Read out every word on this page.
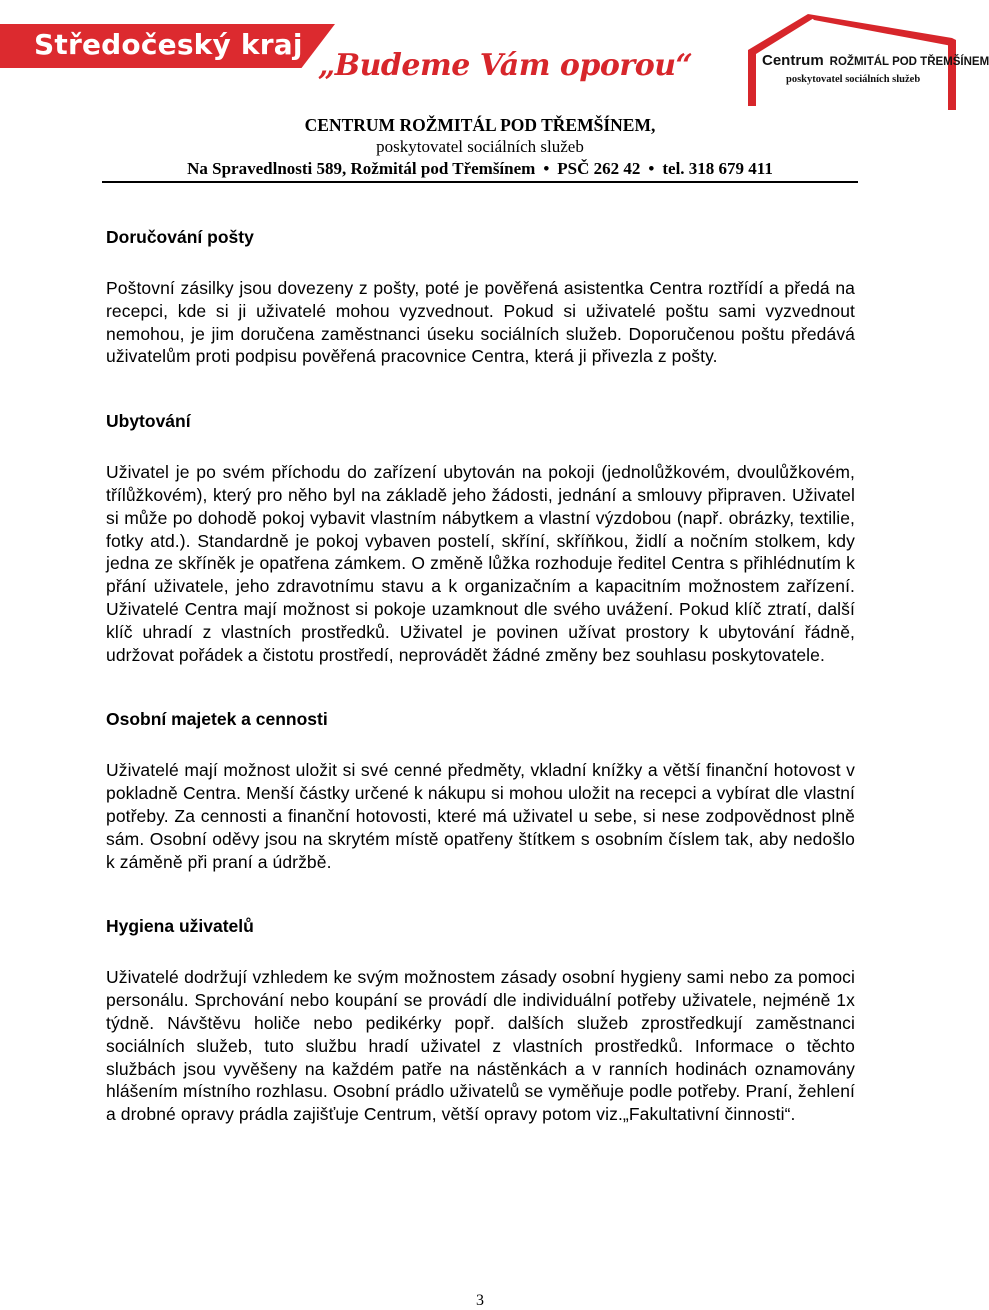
Středočeský kraj
„Budeme Vám oporou“	Centrum ROŽMITÁL POD TŘEMŠÍNEM
poskytovatel sociálních služeb
CENTRUM ROŽMITÁL POD TŘEMŠÍNEM,
poskytovatel sociálních služeb
Na Spravedlnosti 589, Rožmitál pod Třemšínem • PSČ 262 42 • tel. 318 679 411
Doručování pošty

Poštovní zásilky jsou dovezeny z pošty, poté je pověřená asistentka Centra roztřídí a předá na recepci, kde si ji uživatelé mohou vyzvednout. Pokud si uživatelé poštu sami vyzvednout nemohou, je jim doručena zaměstnanci úseku sociálních služeb. Doporučenou poštu předává uživatelům proti podpisu pověřená pracovnice Centra, která ji přivezla z pošty.

Ubytování

Uživatel je po svém příchodu do zařízení ubytován na pokoji (jednolůžkovém, dvoulůžkovém, třílůžkovém), který pro něho byl na základě jeho žádosti, jednání a smlouvy připraven. Uživatel si může po dohodě pokoj vybavit vlastním nábytkem a vlastní výzdobou (např. obrázky, textilie, fotky atd.). Standardně je pokoj vybaven postelí, skříní, skříňkou, židlí a nočním stolkem, kdy jedna ze skříněk je opatřena zámkem. O změně lůžka rozhoduje ředitel Centra s přihlédnutím k přání uživatele, jeho zdravotnímu stavu a k organizačním a kapacitním možnostem zařízení. Uživatelé Centra mají možnost si pokoje uzamknout dle svého uvážení. Pokud klíč ztratí, další klíč uhradí z vlastních prostředků. Uživatel je povinen užívat prostory k ubytování řádně, udržovat pořádek a čistotu prostředí, neprovádět žádné změny bez souhlasu poskytovatele.

Osobní majetek a cennosti

Uživatelé mají možnost uložit si své cenné předměty, vkladní knížky a větší finanční hotovost v pokladně Centra. Menší částky určené k nákupu si mohou uložit na recepci a vybírat dle vlastní potřeby. Za cennosti a finanční hotovosti, které má uživatel u sebe, si nese zodpovědnost plně sám. Osobní oděvy jsou na skrytém místě opatřeny štítkem s osobním číslem tak, aby nedošlo k záměně při praní a údržbě.

Hygiena uživatelů

Uživatelé dodržují vzhledem ke svým možnostem zásady osobní hygieny sami nebo za pomoci personálu. Sprchování nebo koupání se provádí dle individuální potřeby uživatele, nejméně 1x týdně. Návštěvu holiče nebo pedikérky popř. dalších služeb zprostředkují zaměstnanci sociálních služeb, tuto službu hradí uživatel z vlastních prostředků. Informace o těchto službách jsou vyvěšeny na každém patře na nástěnkách a v ranních hodinách oznamovány hlášením místního rozhlasu. Osobní prádlo uživatelů se vyměňuje podle potřeby. Praní, žehlení a drobné opravy prádla zajišťuje Centrum, větší opravy potom viz.„Fakultativní činnosti“.

3
